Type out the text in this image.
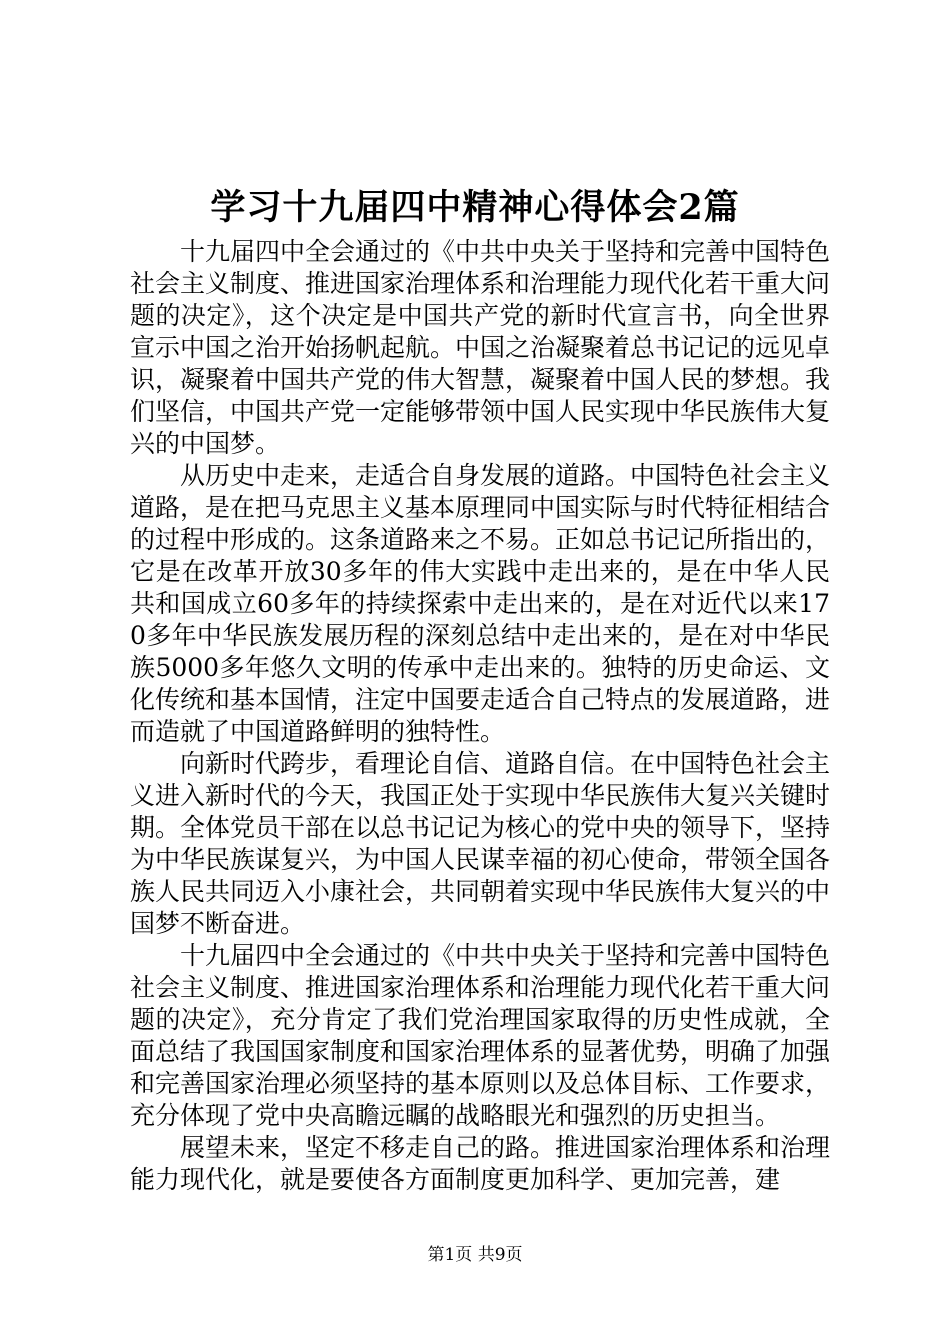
学习十九届四中精神心得体会2篇

十九届四中全会通过的《中共中央关于坚持和完善中国特色社会主义制度、推进国家治理体系和治理能力现代化若干重大问题的决定》，这个决定是中国共产党的新时代宣言书，向全世界宣示中国之治开始扬帆起航。中国之治凝聚着总书记记的远见卓识，凝聚着中国共产党的伟大智慧，凝聚着中国人民的梦想。我们坚信，中国共产党一定能够带领中国人民实现中华民族伟大复兴的中国梦。

从历史中走来，走适合自身发展的道路。中国特色社会主义道路，是在把马克思主义基本原理同中国实际与时代特征相结合的过程中形成的。这条道路来之不易。正如总书记记所指出的，它是在改革开放30多年的伟大实践中走出来的，是在中华人民共和国成立60多年的持续探索中走出来的，是在对近代以来170多年中华民族发展历程的深刻总结中走出来的，是在对中华民族5000多年悠久文明的传承中走出来的。独特的历史命运、文化传统和基本国情，注定中国要走适合自己特点的发展道路，进而造就了中国道路鲜明的独特性。

向新时代跨步，看理论自信、道路自信。在中国特色社会主义进入新时代的今天，我国正处于实现中华民族伟大复兴关键时期。全体党员干部在以总书记记为核心的党中央的领导下，坚持为中华民族谋复兴，为中国人民谋幸福的初心使命，带领全国各族人民共同迈入小康社会，共同朝着实现中华民族伟大复兴的中国梦不断奋进。

十九届四中全会通过的《中共中央关于坚持和完善中国特色社会主义制度、推进国家治理体系和治理能力现代化若干重大问题的决定》，充分肯定了我们党治理国家取得的历史性成就，全面总结了我国国家制度和国家治理体系的显著优势，明确了加强和完善国家治理必须坚持的基本原则以及总体目标、工作要求，充分体现了党中央高瞻远瞩的战略眼光和强烈的历史担当。

展望未来，坚定不移走自己的路。推进国家治理体系和治理能力现代化，就是要使各方面制度更加科学、更加完善，建

第1页 共9页
